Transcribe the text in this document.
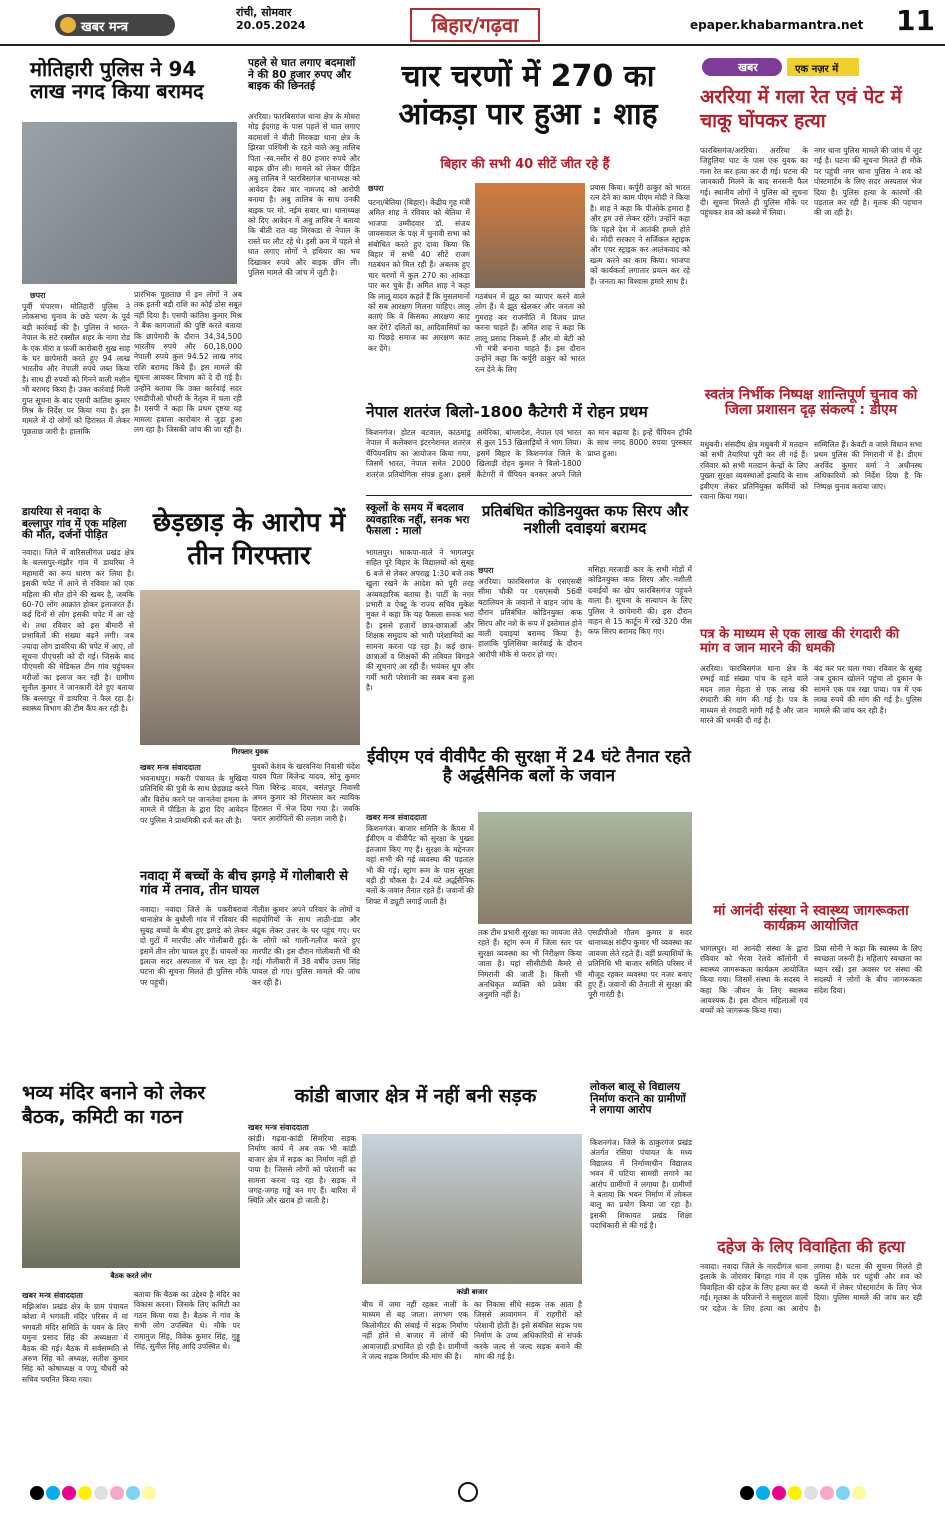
खबर मन्त्र
रांची, सोमवार
20.05.2024	बिहार/गढ़वा	epaper.khabarmantra.net 11
मोतिहारी पुलिस ने 94 लाख नगद किया बरामद
छपरा
पूर्वी चंपारण। मोतिहारी पुलिस ने लोकसभा चुनाव के छठे चरण के पूर्व बड़ी कार्रवाई की है। पुलिस ने भारत-नेपाल के सटे रक्सौल शहर के नागा रोड के एक मॅारा व फ़र्जी कारोबारी सुख साह के घर छापेमारी करते हुए 94 लाख भारतीय और नेपाली रुपये जब्त किया है। साथ ही रुपयों को गिनने वाली मशीन भी बरामद किया है। उक्त कार्रवाई मिली गुप्त सूचना के बाद एसपी कांतिश कुमार मिश्र के निर्देश पर किया गया है। इस मामले में दो लोगों को हिरासत में लेकर पूछताछ जारी है। हालांकि
प्रारंभिक पूछताछ में इन लोगों ने अब तक इतनी बड़ी राशि का कोई ठोस सबूत नहीं दिया है। एसपी कांतिश कुमार मिश्र ने बैंक कागजातों की पुष्टि करते बताया कि छापेमारी के दौरान 34,34,500 भारतीय रुपये और 60,18,000 नेपाली रुपये कुल 94.52 लाख नगद राशि बरामद किये हैं। इस मामले की सूचना आयकर विभाग को दे दी गई है। उन्होंने बताया कि उक्त कार्रवाई सदर एसडीपीओ चौधरी के नेतृत्व में चला रही है। एसपी ने कहा कि प्रथम दृष्टया यह मामला हवाला कारोबार से जुड़ा हुआ लग रहा है। जिसकी जांच की जा रही है।
पहले से घात लगाए बदमाशों ने की 80 हजार रुपए और बाइक की छिनतई
अररिया। फारबिसगंज थाना क्षेत्र के मोधरा मोड़ ईदगाह के पास पहले से घात लगाए बदमाशों ने बीती मिरकडा थाना क्षेत्र के झिरवा पश्चिमी के रहने वाले अबु तालिब पिता -स्व.नसीर से 80 हजार रुपये और बाइक छीन ली। मामले को लेकर पीड़ित अबु तालिब ने फारबिसगंज थानाध्यक्ष को आवेदन देकर चार नामजद को आरोपी बनाया है। अबु तालिब के साथ उनकी बाइक पर मो. नईम सवार था। थानाध्यक्ष को दिए आवेदन में अबु तालिब ने बताया कि बीती रात वह मिरकडा से नेपाल के रास्ते घर लौट रहे थे। इसी क्रम में पहले से घात लगाए लोगों ने हथियार का भय दिखाकर रुपये और बाइक छीन ली। पुलिस मामले की जांच में जुटी है।
चार चरणों में 270 का आंकड़ा पार हुआ : शाह
बिहार की सभी 40 सीटें जीत रहे हैं
छपरा
पटना/बेतिया (बिहार)। केंद्रीय गृह मंत्री अमित शाह ने रविवार को बेतिया में भाजपा उम्मीदवार डॉ. संजय जायसवाल के पक्ष में चुनावी सभा को संबोधित करते हुए दावा किया कि बिहार में सभी 40 सीटें राजग गठबंधन को मिल रही हैं। अबतक हुए चार चरणों में कुल 270 का आंकड़ा पार कर चुके हैं। अमित शाह ने कहा कि लालू यादव कहते हैं कि मुसलमानों को सब आरक्षण मिलना चाहिए। लालू बताएं कि वे किसका आरक्षण काट कर देंगे? दलितों का, आदिवासियों का या पिछड़े समाज का आरक्षण काट कर देंगे।
गठबंधन में झूठ का व्यापार करने वाले लोग हैं। ये झूठ खेलकर और जनता को गुमराह कर राजनीति में विजय प्राप्त करना चाहते हैं। अमित शाह ने कहा कि लालू प्रसाद निकम्मे हैं और वो बेटी को भी मंत्री बनाना चाहते हैं। इस दौरान उन्होंने कहा कि कर्पूरी ठाकुर को भारत रत्न देने के लिए
प्रयास किया। कर्पूरी ठाकुर को भारत रत्न देने का काम पीएम मोदी ने किया है। शाह ने कहा कि पीओके हमारा है और हम उसे लेकर रहेंगे। उन्होंने कहा कि पहले देश में आतंकी हमले होते थे। मोदी सरकार ने सर्जिकल स्ट्राइक और एयर स्ट्राइक कर आतंकवाद को खत्म करने का काम किया। भाजपा को कार्यकर्ता लगातार प्रयत्न कर रहे हैं। जनता का विश्वास हमारे साथ है।
नेपाल शतरंज बिलो-1800 कैटेगरी में रोहन प्रथम
किशनगंज। होटल बटवाल, काठमांडू नेपाल में कलेक्शन इंटरनेशनल शतरंज चैंपियनशिप का आयोजन किया गया, जिसमें भारत, नेपाल समेत 2000 शतरंज प्रतियोगिता संपन्न हुआ। इसमें अमेरिका, बांग्लादेश, नेपाल एवं भारत से कुल 153 खिलाड़ियों ने भाग लिया। इसमें बिहार के किशनगंज जिले के खिलाड़ी रोहन कुमार ने बिलो-1800 कैटेगरी में चैंपियन बनकर अपने जिले का मान बढ़ाया है। इन्हें चैंपियन ट्रॉफी के साथ नगद 8000 रुपया पुरस्कार प्राप्त हुआ।
डायरिया से नवादा के बल्लापुर गांव में एक महिला की मौत, दर्जनों पीड़ित
नवादा। जिले में वारिसलीगंज प्रखंड क्षेत्र के बल्लापुर-मंझौर गांव में डायरिया ने महामारी का रूप धारण कर लिया है। इसकी चपेट में आने से रविवार को एक महिला की मौत होने की खबर है, जबकि 60-70 लोग आक्रांत होकर इलाजरत हैं। कई दिनों से लोग इसकी चपेट में आ रहे थे। तथा रविवार को इस बीमारी से प्रभावितों की संख्या बढ़ने लगी। जब ज्यादा लोग डायरिया की चपेट में आए, तो सूचना पीएचसी को दी गई। जिसके बाद पीएचसी की मेडिकल टीम गांव पहुंचकर मरीजों का इलाज कर रही है। ग्रामीण सुनील कुमार ने जानकारी देते हुए बताया कि बल्लापुर में डायरिया ने फैल रहा है। स्वास्थ्य विभाग की टीम कैंप कर रही है।
छेड़छाड़ के आरोप में तीन गिरफ्तार
गिरफ्तार युवक
खबर मन्त्र संवाददाता
भवनाथपुर। मकरी पंचायत के मुखिया प्रतिनिधि की पुत्री के साथ छेड़छाड़ करने और विरोध करने पर जानलेवा हमला के मामले में पीड़िता के द्वारा दिए आवेदन पर पुलिस ने प्राथमिकी दर्ज कर ली है।
युवकों केशव के खरवनिया निवासी चंदेश यादव पिता बिजेन्द्र यादव, सोनू कुमार पिता बिरेन्द्र यादव, बसंतपुर निवासी अमन कुमार को गिरफ्तार कर न्यायिक हिरासत में भेज दिया गया है। जबकि फरार आरोपितों की तलाश जारी है।
नवादा में बच्चों के बीच झगड़े में गोलीबारी से गांव में तनाव, तीन घायल
नवादा। नवादा जिले के पकरीबरावां थानाक्षेत्र के बुधौली गांव में रविवार की सुबह बच्चों के बीच हुए झगड़े को लेकर दो गुटों में मारपीट और गोलीबारी हुई। इसमें तीन लोग घायल हुए हैं। घायलों का इलाज सदर अस्पताल में चल रहा है। घटना की सूचना मिलते ही पुलिस मौके पर पहुंची।
नीतीश कुमार अपने परिवार के लोगों व सहयोगियों के साथ लाठी-डंडा और बंदूक लेकर उत्तर के घर पहुंच गए। घर के लोगों को गाली-गलौज करते हुए मारपीट की। इस दौरान गोलीबारी भी की गई। गोलीबारी में 38 वर्षीय उत्तम सिंह घायल हो गए। पुलिस मामले की जांच कर रही है।
स्कूलों के समय में बदलाव व्यवहारिक नहीं, सनक भरा फैसला : मालो
भागलपुर। भाकपा-माले ने भागलपुर सहित पूरे बिहार के विद्यालयों को सुबह 6 बजे से लेकर अपराह्न 1:30 बजे तक खुला रखने के आदेश को पूरी तरह अव्यवहारिक बताया है। पार्टी के नगर प्रभारी व ऐक्टू के राज्य सचिव मुकेश मुक्त ने कहा कि यह फैसला सनक भरा है। इससे हजारों छात्र-छात्राओं और शिक्षक समुदाय को भारी परेशानियों का सामना करना पड़ रहा है। कई छात्र-छात्राओं व शिक्षकों की तबियत बिगड़ने की सूचनाएं आ रही हैं। भयंकर धूप और गर्मी भारी परेशानी का सबब बना हुआ है।
प्रतिबंधित कोडिनयुक्त कफ सिरप और नशीली दवाइयां बरामद
छपरा
अररिया। फारबिसगंज के एसएसबी सीमा चौकी पर एसएसबी 56वीं बटालियन के जवानों ने वाहन जांच के दौरान प्रतिबंधित कोडिनयुक्त कफ सिरप और नशे के रूप में इस्तेमाल होने वाली दवाइयां बरामद किया है। हालांकि पुलिसिया कार्रवाई के दौरान आरोपी मौके से फरार हो गए।
मसिहा मरजाडी कार के सभी मोड़ों में कोडिनयुक्त कफ सिरप और नशीली दवाईयों का खेप फारबिसगंज पहुंचने वाला है। सूचना के सत्यापन के लिए पुलिस ने छापेमारी की। इस दौरान वाहन से 15 कार्टून में रखे 320 पीस कफ सिरप बरामद किए गए।
ईवीएम एवं वीवीपैट की सुरक्षा में 24 घंटे तैनात रहते है अर्द्धसैनिक बलों के जवान
खबर मन्त्र संवाददाता
किशनगंज। बाजार समिति के कैंपस में ईवीएम व वीवीपैट को सुरक्षा के पुख्ता इंतजाम किए गए हैं। सुरक्षा के मद्देनजर वहां सभी की गई व्यवस्था की पड़ताल भी की गई। स्ट्रांग रूम के पास सुरक्षा बड़ी ही चौकस है। 24 घंटे अर्द्धसैनिक बलों के जवान तैनात रहते हैं। जवानों की शिफ्ट में ड्यूटी लगाई जाती है।
तक टीम प्रभारी सुरक्षा का जायजा लेते रहते हैं। स्ट्रांग रूम में जिला स्तर पर सुरक्षा व्यवस्था का भी निरीक्षण किया जाता है। यहां सीसीटीवी कैमरे से निगरानी की जाती है। किसी भी अनधिकृत व्यक्ति को प्रवेश की अनुमति नहीं है।
एसडीपीओ गौतम कुमार व सदर थानाध्यक्ष संदीप कुमार भी व्यवस्था का जायजा लेते रहते हैं। वहीं प्रत्याशियों के प्रतिनिधि भी बाजार समिति परिसर में मौजूद रहकर व्यवस्था पर नजर बनाए हुए हैं। जवानों की तैनाती से सुरक्षा की पूरी गारंटी है।
भव्य मंदिर बनाने को लेकर बैठक, कमिटी का गठन
बैठक करते लोग
खबर मन्त्र संवाददाता
मझिआंव। प्रखंड क्षेत्र के ग्राम पंचायत कोशा में भगवती मंदिर परिसर में मां भगवती मंदिर समिति के चयन के लिए यमुना प्रसाद सिंह की अध्यक्षता में बैठक की गई। बैठक में सर्वसम्मति से अरुण सिंह को अध्यक्ष, सतीश कुमार सिंह को कोषाध्यक्ष व पप्पू चौधरी को सचिव चयनित किया गया।
बताया कि बैठक का उद्देश्य है मंदिर का विकास करना। जिसके लिए कमिटी का गठन किया गया है। बैठक में गांव के सभी लोग उपस्थित थे। मौके पर रामानुज सिंह, विवेक कुमार सिंह, गुड्डू सिंह, सुनील सिंह आदि उपस्थित थे।
कांडी बाजार क्षेत्र में नहीं बनी सड़क
खबर मन्त्र संवाददाता
कांडी। गढ़वा-कांडी सिमरिया सड़क निर्माण कार्य में अब तक भी कांडी बाजार क्षेत्र में सड़क का निर्माण नहीं हो पाया है। जिससे लोगों को परेशानी का सामना करना पड़ रहा है। सड़क में जगह-जगह गड्ढे बन गए हैं। बारिश में स्थिति और खराब हो जाती है।
कांडी बाजार
बीच में जमा नहीं रहकर नाली के माध्यम से बह जाता। लगभग एक किलोमीटर की लंबाई में सड़क निर्माण नहीं होने से बाजार में लोगों की आवाजाही प्रभावित हो रही है। ग्रामीणों ने जल्द सड़क निर्माण की मांग की है।
का निकास सीधे सड़क तक आता है जिससे आवागमन में राहगीरों को परेशानी होती है। इसे संबंधित सड़क पथ निर्माण के उच्च अधिकारियों से संपर्क करके जल्द से जल्द सड़क बनाने की मांग की गई है।
लोकल बालू से विद्यालय निर्माण कराने का ग्रामीणों ने लगाया आरोप
किशनगंज। जिले के ठाकुरगंज प्रखंड अंतर्गत रसिया पंचायत के मध्य विद्यालय में निर्माणाधीन विद्यालय भवन में घटिया सामग्री लगाने का आरोप ग्रामीणों ने लगाया है। ग्रामीणों ने बताया कि भवन निर्माण में लोकल बालू का प्रयोग किया जा रहा है। इसकी शिकायत प्रखंड शिक्षा पदाधिकारी से की गई है।
खबर	एक नज़र में
अररिया में गला रेत एवं पेट में चाकू घोंपकर हत्या
फारबिसगंज/अररिया। अररिया के जिहुलिया घाट के पास एक युवक का गला रेत कर हत्या कर दी गई। घटना की जानकारी मिलने के बाद सनसनी फैल गई। स्थानीय लोगों ने पुलिस को सूचना दी। सूचना मिलते ही पुलिस मौके पर पहुंचकर शव को कब्जे में लिया।
नगर थाना पुलिस मामले की जांच में जुट गई है। घटना की सूचना मिलते ही मौके पर पहुंची नगर थाना पुलिस ने शव को पोस्टमार्टम के लिए सदर अस्पताल भेज दिया है। पुलिस हत्या के कारणों की पड़ताल कर रही है। मृतक की पहचान की जा रही है।
स्वतंत्र निर्भीक निष्पक्ष शान्तिपूर्ण चुनाव को जिला प्रशासन दृढ़ संकल्प : डीएम
मधुबनी। संसदीय क्षेत्र मधुबनी में मतदान को सभी तैयारियां पूरी कर ली गई हैं। रविवार को सभी मतदान केन्द्रों के लिए पुख्ता सुरक्षा व्यवस्थाओं इत्यादि के साथ इवीएम लेकर प्रतिनियुक्त कर्मियों को रवाना किया गया।
सम्मिलित हैं। केवटी व जाले विधान सभा प्रथम पुलिस की निगरानी में है। डीएम अरविंद कुमार वर्मा ने अधीनस्थ अधिकारियों को निर्देश दिया है कि निष्पक्ष चुनाव कराया जाए।
पत्र के माध्यम से एक लाख की रंगदारी की मांग व जान मारने की धमकी
अररिया। फारबिसगंज थाना क्षेत्र के रम्भई वार्ड संख्या पांच के रहने वाले मदन लाल मेहता से एक लाख की रंगदारी की मांग की गई है। पत्र के माध्यम से रंगदारी मांगी गई है और जान मारने की धमकी दी गई है।
बंद कर घर चला गया। रविवार के सुबह जब दुकान खोलने पहुंचा तो दुकान के सामने एक पत्र रखा पाया। पत्र में एक लाख रुपये की मांग की गई है। पुलिस मामले की जांच कर रही है।
मां आनंदी संस्था ने स्वास्थ्य जागरूकता कार्यक्रम आयोजित
भागलपुर। मां आनंदी संस्था के द्वारा रविवार को भैरवा रेलवे कॉलोनी में स्वास्थ्य जागरूकता कार्यक्रम आयोजित किया गया। जिसमें संस्था के सदस्य ने कहा कि जीवन के लिए स्वास्थ्य आवश्यक है। इस दौरान महिलाओं एवं बच्चों को जागरूक किया गया।
प्रिया सोनी ने कहा कि स्वास्थ्य के लिए स्वच्छता जरूरी है। महिलाएं स्वच्छता का ध्यान रखें। इस अवसर पर संस्था की सदस्यों ने लोगों के बीच जागरूकता संदेश दिया।
दहेज के लिए विवाहिता की हत्या
नवादा। नवादा जिले के नारदीगंज थाना इलाके के जोरावर बिगहा गांव में एक विवाहिता की दहेज के लिए हत्या कर दी गई। मृतका के परिजनों ने ससुराल वालों पर दहेज के लिए हत्या का आरोप लगाया है। घटना की सूचना मिलते ही पुलिस मौके पर पहुंची और शव को कब्जे में लेकर पोस्टमार्टम के लिए भेज दिया। पुलिस मामले की जांच कर रही है।
